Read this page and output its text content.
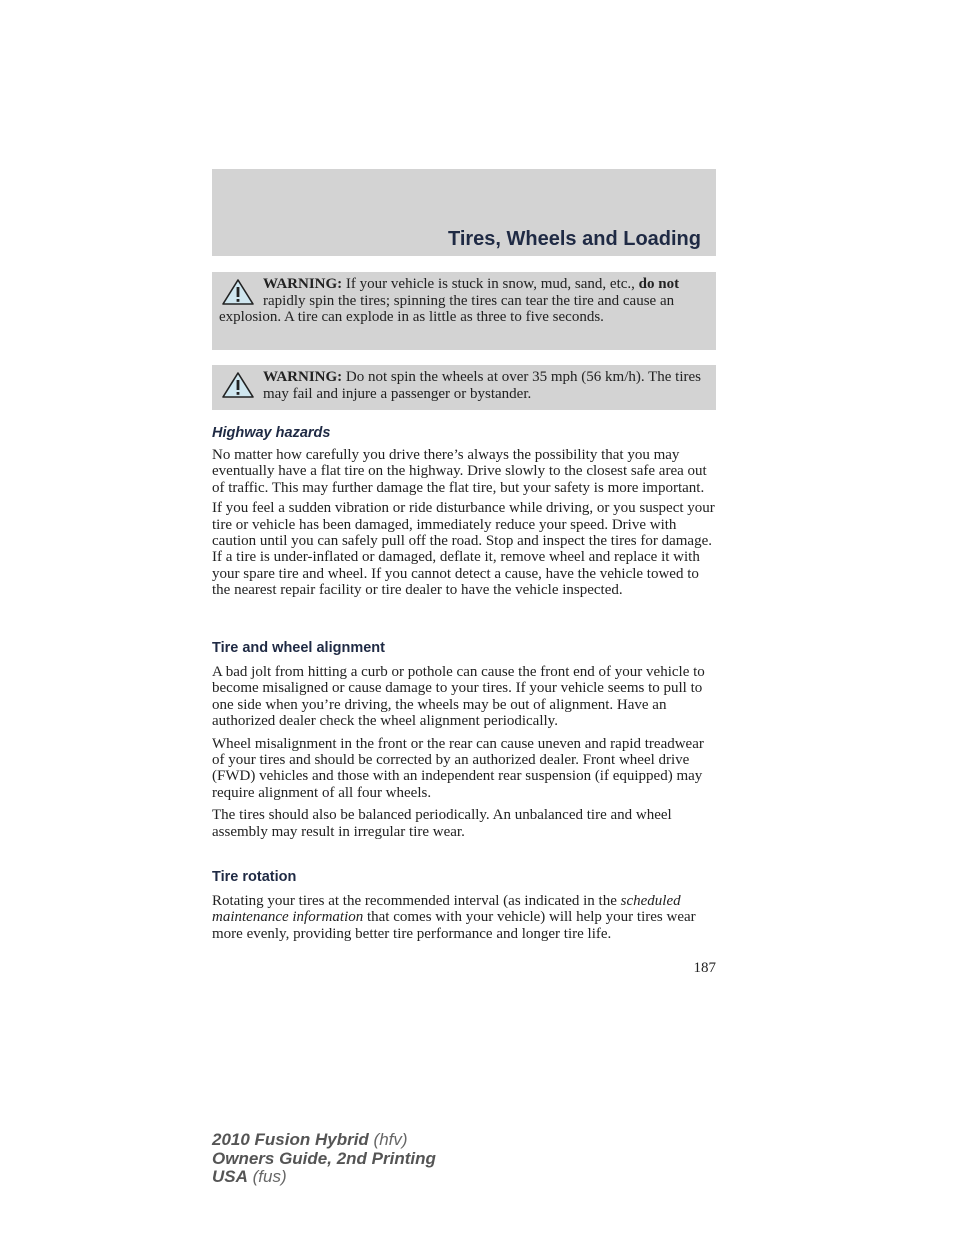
Tires, Wheels and Loading
WARNING: If your vehicle is stuck in snow, mud, sand, etc., do not rapidly spin the tires; spinning the tires can tear the tire and cause an explosion. A tire can explode in as little as three to five seconds.
WARNING: Do not spin the wheels at over 35 mph (56 km/h). The tires may fail and injure a passenger or bystander.
Highway hazards

No matter how carefully you drive there’s always the possibility that you may eventually have a flat tire on the highway. Drive slowly to the closest safe area out of traffic. This may further damage the flat tire, but your safety is more important.

If you feel a sudden vibration or ride disturbance while driving, or you suspect your tire or vehicle has been damaged, immediately reduce your speed. Drive with caution until you can safely pull off the road. Stop and inspect the tires for damage. If a tire is under-inflated or damaged, deflate it, remove wheel and replace it with your spare tire and wheel. If you cannot detect a cause, have the vehicle towed to the nearest repair facility or tire dealer to have the vehicle inspected.

Tire and wheel alignment

A bad jolt from hitting a curb or pothole can cause the front end of your vehicle to become misaligned or cause damage to your tires. If your vehicle seems to pull to one side when you’re driving, the wheels may be out of alignment. Have an authorized dealer check the wheel alignment periodically.

Wheel misalignment in the front or the rear can cause uneven and rapid treadwear of your tires and should be corrected by an authorized dealer. Front wheel drive (FWD) vehicles and those with an independent rear suspension (if equipped) may require alignment of all four wheels.

The tires should also be balanced periodically. An unbalanced tire and wheel assembly may result in irregular tire wear.

Tire rotation

Rotating your tires at the recommended interval (as indicated in the scheduled maintenance information that comes with your vehicle) will help your tires wear more evenly, providing better tire performance and longer tire life.

187
2010 Fusion Hybrid (hfv)
Owners Guide, 2nd Printing
USA (fus)
